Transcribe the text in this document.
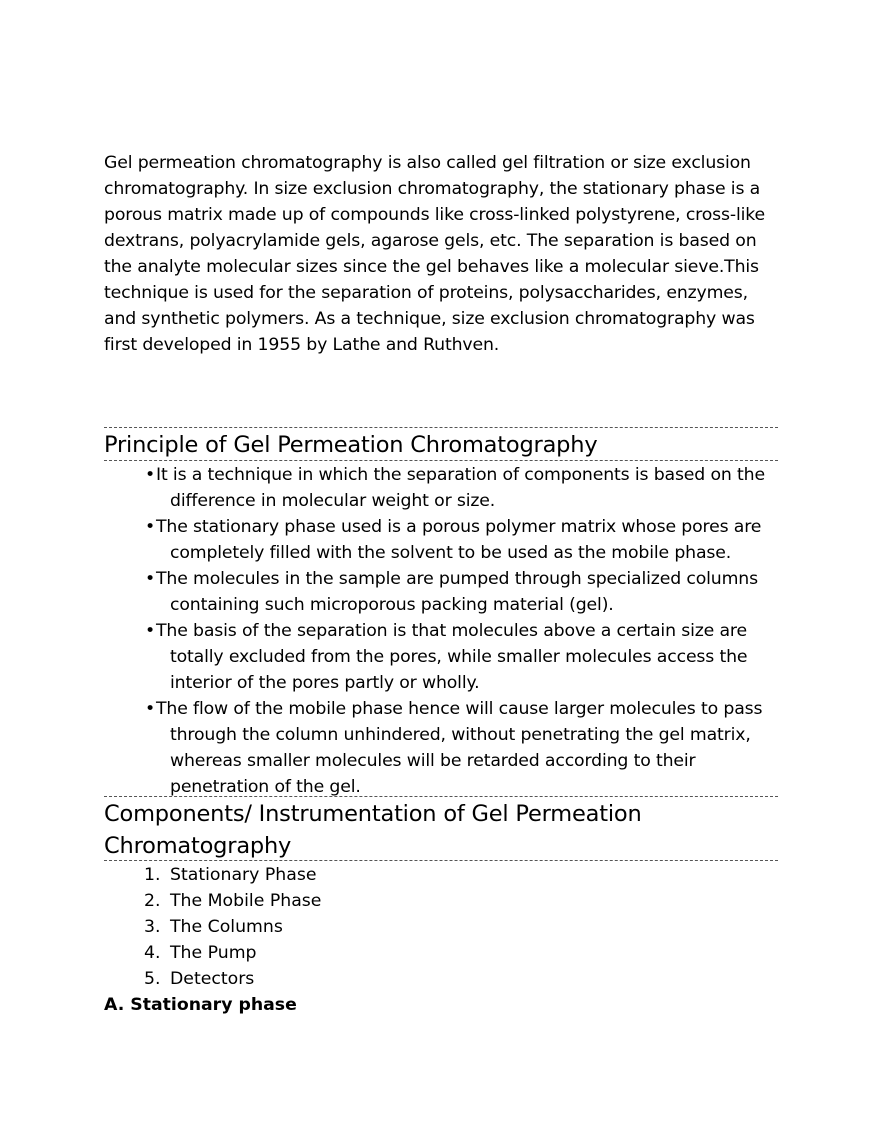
Gel permeation chromatography is also called gel filtration or size exclusion chromatography. In size exclusion chromatography, the stationary phase is a porous matrix made up of compounds like cross-linked polystyrene, cross-like dextrans, polyacrylamide gels, agarose gels, etc. The separation is based on the analyte molecular sizes since the gel behaves like a molecular sieve.This technique is used for the separation of proteins, polysaccharides, enzymes, and synthetic polymers. As a technique, size exclusion chromatography was first developed in 1955 by Lathe and Ruthven.

Principle of Gel Permeation Chromatography
•It is a technique in which the separation of components is based on the difference in molecular weight or size.
•The stationary phase used is a porous polymer matrix whose pores are completely filled with the solvent to be used as the mobile phase.
•The molecules in the sample are pumped through specialized columns containing such microporous packing material (gel).
•The basis of the separation is that molecules above a certain size are totally excluded from the pores, while smaller molecules access the interior of the pores partly or wholly.
•The flow of the mobile phase hence will cause larger molecules to pass through the column unhindered, without penetrating the gel matrix, whereas smaller molecules will be retarded according to their penetration of the gel.
Components/ Instrumentation of Gel Permeation Chromatography
1. Stationary Phase
2. The Mobile Phase
3. The Columns
4. The Pump
5. Detectors
A. Stationary phase
